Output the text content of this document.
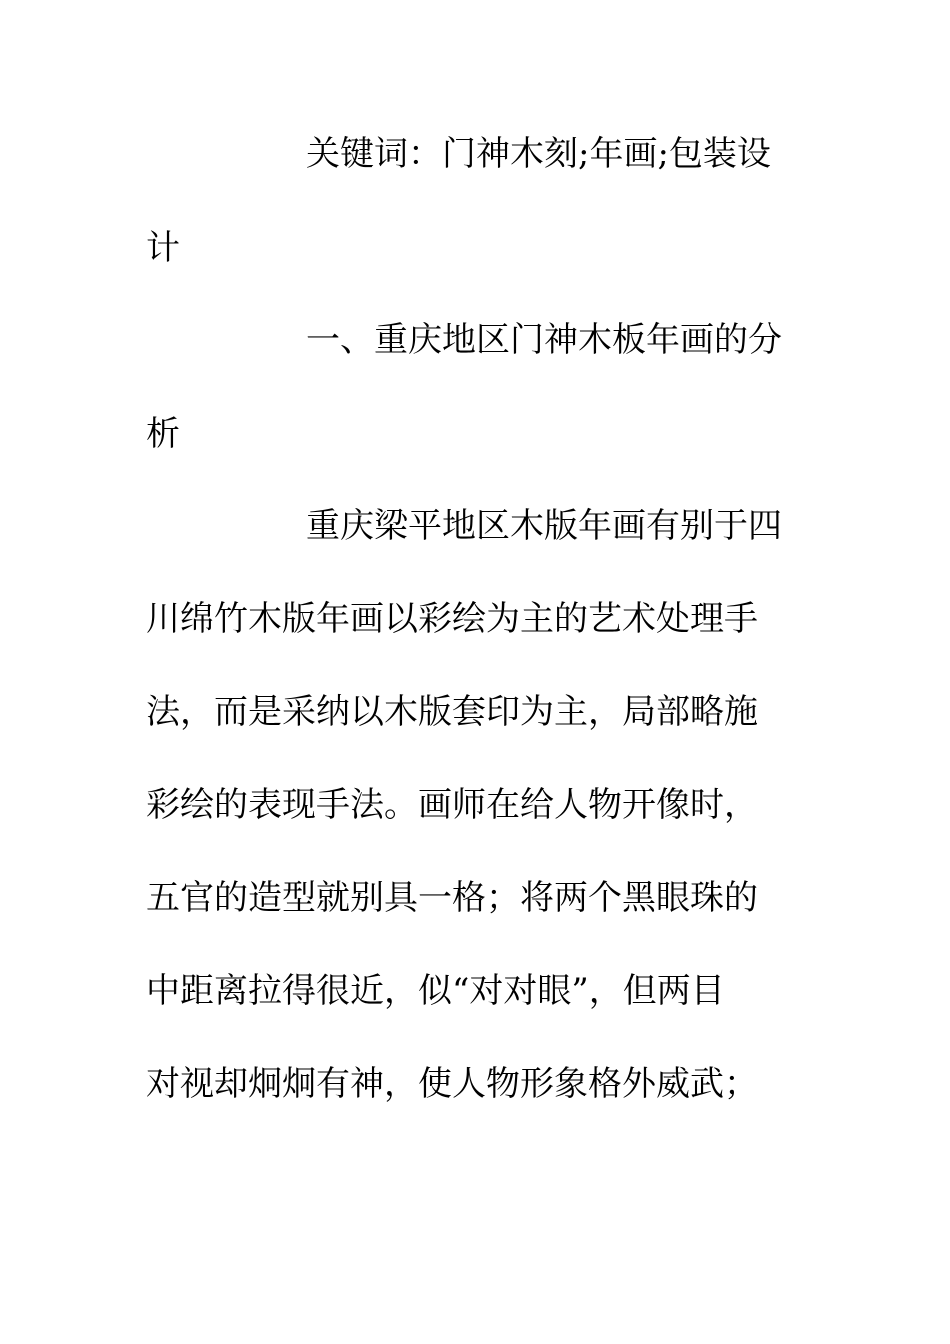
关键词：门神木刻;年画;包装设
计
一、重庆地区门神木板年画的分
析
重庆梁平地区木版年画有别于四
川绵竹木版年画以彩绘为主的艺术处理手
法，而是采纳以木版套印为主，局部略施
彩绘的表现手法。画师在给人物开像时，
五官的造型就别具一格；将两个黑眼珠的
中距离拉得很近，似“对对眼”，但两目
对视却炯炯有神，使人物形象格外威武；
